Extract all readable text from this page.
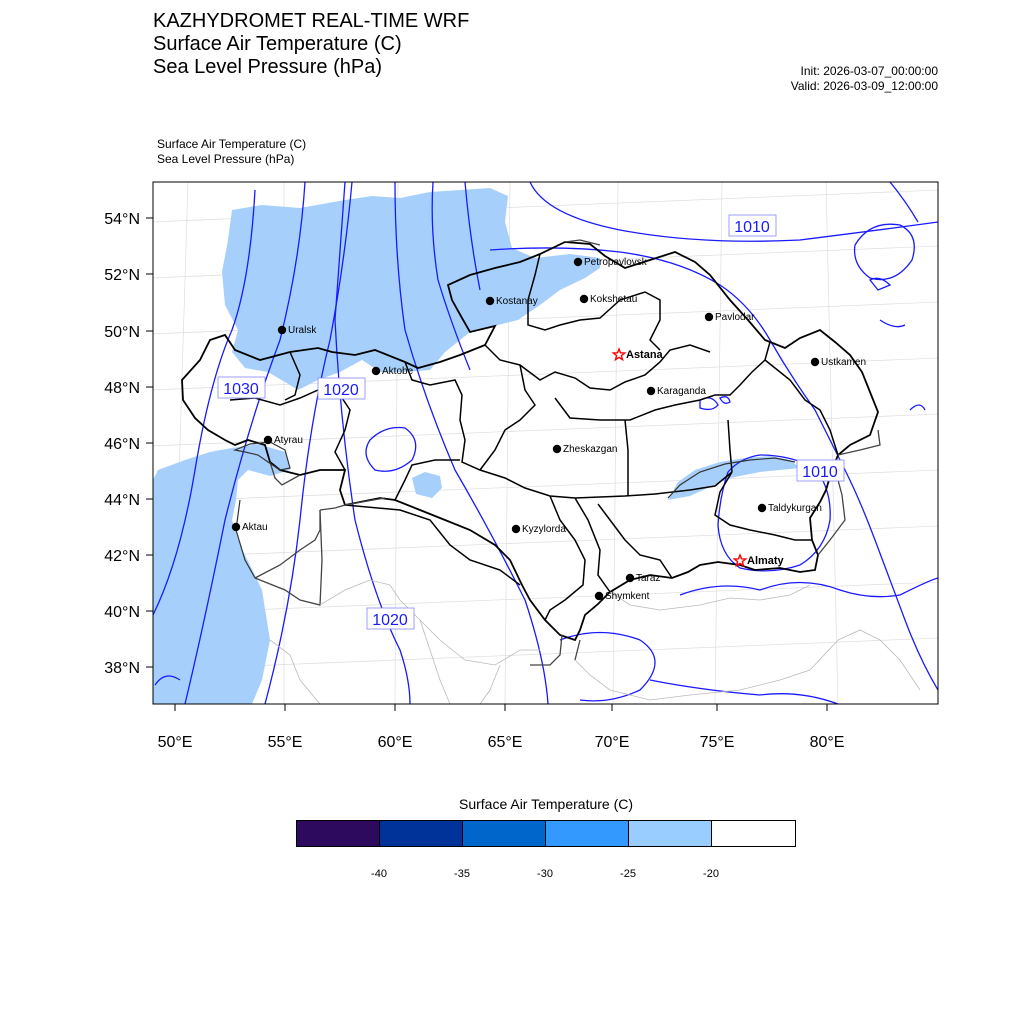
KAZHYDROMET REAL-TIME WRF
Surface Air Temperature (C)
Sea Level Pressure (hPa)	Init: 2026-03-07_00:00:00
Valid: 2026-03-09_12:00:00
Surface Air Temperature (C)
Sea Level Pressure (hPa)
54°N
52°N
50°N
48°N
46°N
44°N
42°N
40°N
38°N
50°E	55°E	60°E	65°E	70°E	75°E	80°E
1010
1030	1020
1010
1020
Petropavlovsk
Kostanay	Kokshetau
Pavlodar
Uralsk
Astana
Aktobe
Ustkamen
Karaganda
Atyrau
Zheskazgan
Aktau	Kyzylorda
Taldykurgan
Almaty
Taraz
Shymkent
Surface Air Temperature (C)
-40	-35	-30	-25	-20
